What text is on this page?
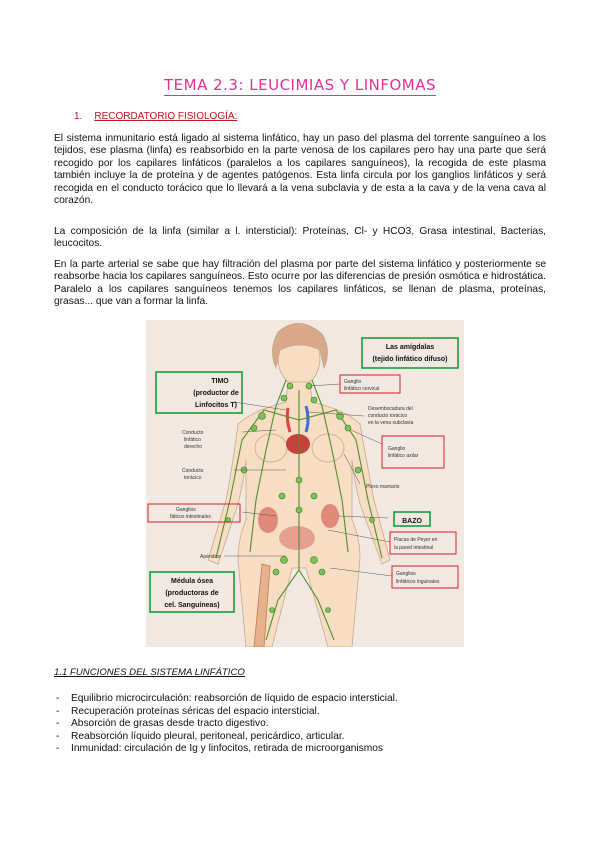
TEMA 2.3: LEUCIMIAS Y LINFOMAS
1. RECORDATORIO FISIOLOGÍA:
El sistema inmunitario está ligado al sistema linfático, hay un paso del plasma del torrente sanguíneo a los tejidos, ese plasma (linfa) es reabsorbido en la parte venosa de los capilares pero hay una parte que será recogido por los capilares linfáticos (paralelos a los capilares sanguíneos), la recogida de este plasma también incluye la de proteína y de agentes patógenos. Esta linfa circula por los ganglios linfáticos y será recogida en el conducto torácico que lo llevará a la vena subclavia y de esta a la cava y de la vena cava al corazón.
La composición de la linfa (similar a l. intersticial): Proteínas, Cl- y HCO3, Grasa intestinal, Bacterias, leucocitos.
En la parte arterial se sabe que hay filtración del plasma por parte del sistema linfático y posteriormente se reabsorbe hacia los capilares sanguíneos. Esto ocurre por las diferencias de presión osmótica e hidrostática. Paralelo a los capilares sanguíneos tenemos los capilares linfáticos, se llenan de plasma, proteínas, grasas... que van a formar la linfa.
Las amígdalas
(tejido linfático difuso)
TIMO
(productor de
Linfocitos T)
BAZO
Médula ósea
(productoras de
cel. Sanguíneas)
Ganglio
linfático cervical
Ganglio
linfático axilar
Ganglios
fáticos intestinales
Placas de Peyer en
la pared intestinal
Ganglios
linfáticos inguinales
Desembocadura del
conducto torácico
en la vena subclavia
Conducto
linfático
derecho
Conducto
torácico
Plexo mamario
Apéndice
1.1 FUNCIONES DEL SISTEMA LINFÁTICO
- Equilibrio microcirculación: reabsorción de líquido de espacio intersticial.
- Recuperación proteínas séricas del espacio intersticial.
- Absorción de grasas desde tracto digestivo.
- Reabsorción líquido pleural, peritoneal, pericárdico, articular.
- Inmunidad: circulación de Ig y linfocitos, retirada de microorganismos
